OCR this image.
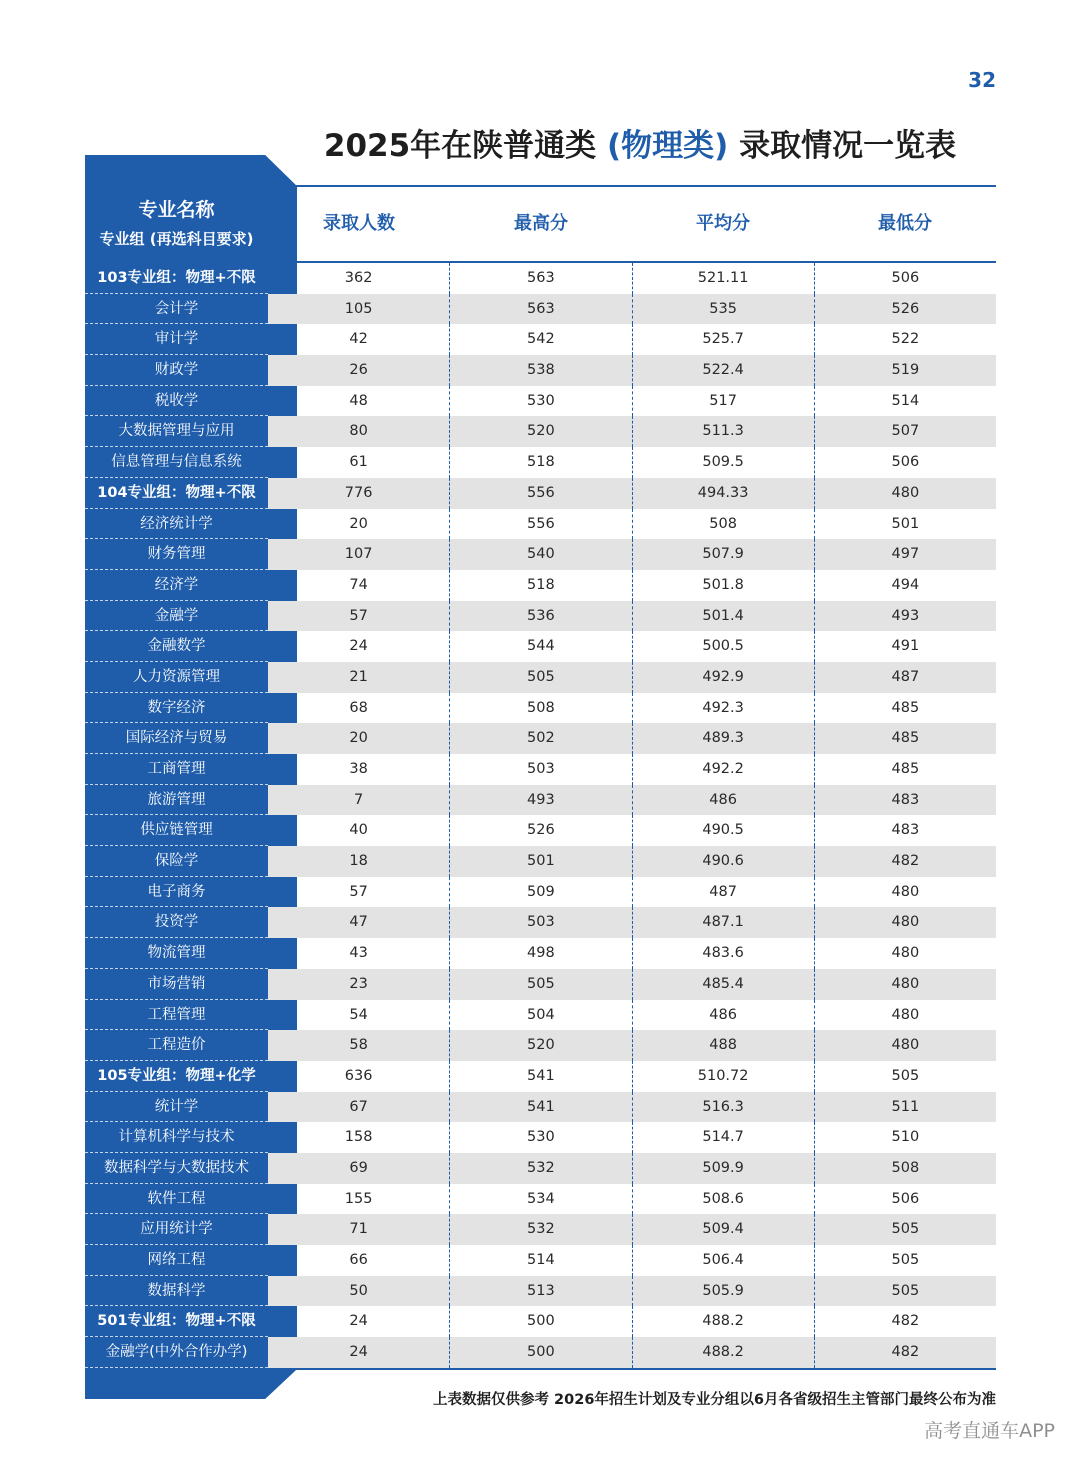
32
2025年在陕普通类 (物理类) 录取情况一览表
专业名称
专业组 (再选科目要求)
录取人数	最高分	平均分	最低分
103专业组：物理+不限	362	563	521.11	506
会计学	105	563	535	526
审计学	42	542	525.7	522
财政学	26	538	522.4	519
税收学	48	530	517	514
大数据管理与应用	80	520	511.3	507
信息管理与信息系统	61	518	509.5	506
104专业组：物理+不限	776	556	494.33	480
经济统计学	20	556	508	501
财务管理	107	540	507.9	497
经济学	74	518	501.8	494
金融学	57	536	501.4	493
金融数学	24	544	500.5	491
人力资源管理	21	505	492.9	487
数字经济	68	508	492.3	485
国际经济与贸易	20	502	489.3	485
工商管理	38	503	492.2	485
旅游管理	7	493	486	483
供应链管理	40	526	490.5	483
保险学	18	501	490.6	482
电子商务	57	509	487	480
投资学	47	503	487.1	480
物流管理	43	498	483.6	480
市场营销	23	505	485.4	480
工程管理	54	504	486	480
工程造价	58	520	488	480
105专业组：物理+化学	636	541	510.72	505
统计学	67	541	516.3	511
计算机科学与技术	158	530	514.7	510
数据科学与大数据技术	69	532	509.9	508
软件工程	155	534	508.6	506
应用统计学	71	532	509.4	505
网络工程	66	514	506.4	505
数据科学	50	513	505.9	505
501专业组：物理+不限	24	500	488.2	482
金融学(中外合作办学)	24	500	488.2	482
上表数据仅供参考 2026年招生计划及专业分组以6月各省级招生主管部门最终公布为准
高考直通车APP
